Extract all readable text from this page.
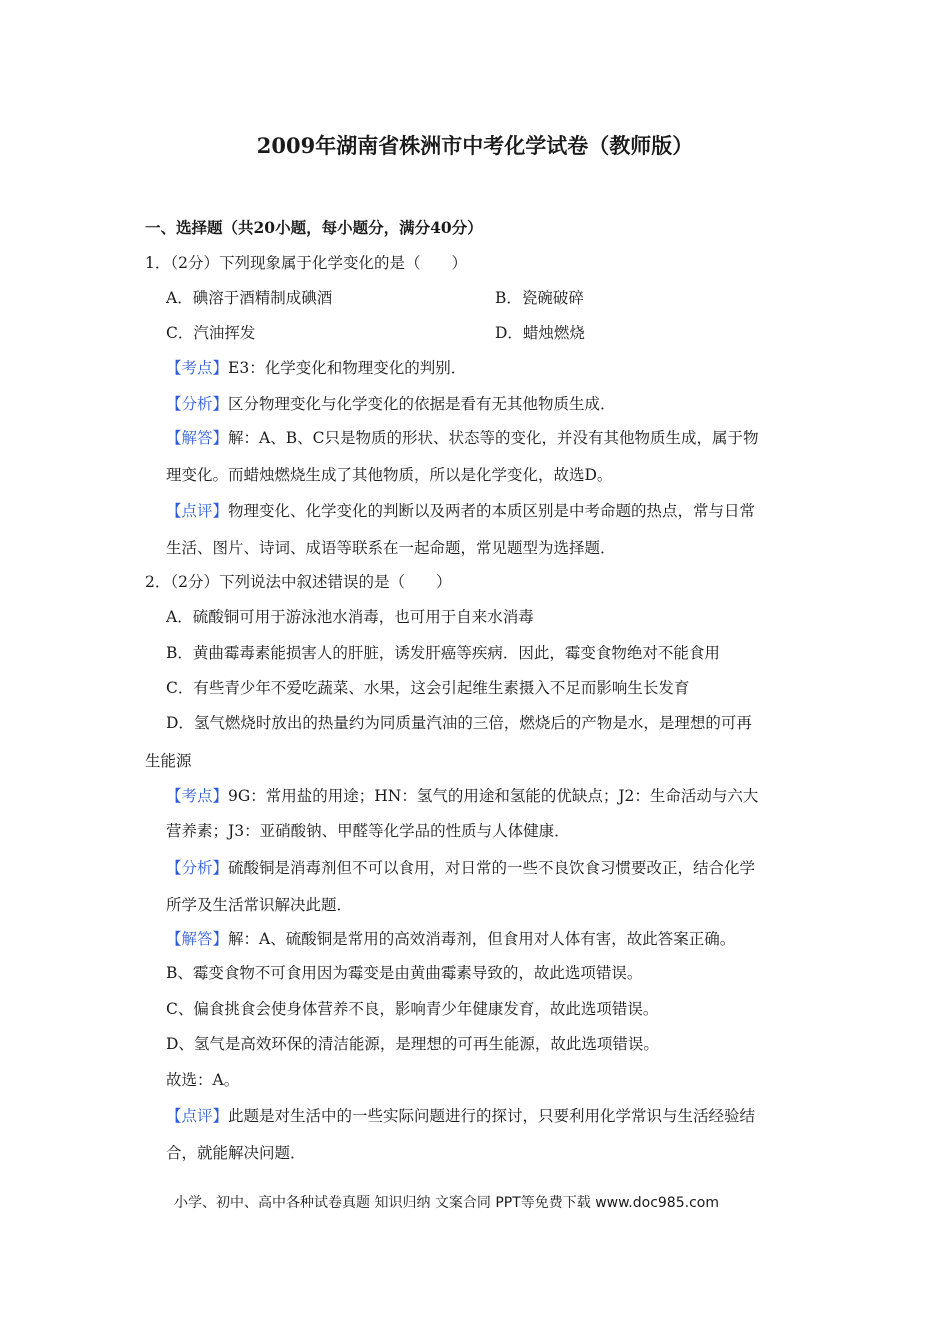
2009年湖南省株洲市中考化学试卷（教师版）
一、选择题（共20小题，每小题分，满分40分）
1．（2分）下列现象属于化学变化的是（　　）
A．碘溶于酒精制成碘酒	B．瓷碗破碎
C．汽油挥发	D．蜡烛燃烧
【考点】E3：化学变化和物理变化的判别．
【分析】区分物理变化与化学变化的依据是看有无其他物质生成．
【解答】解：A、B、C只是物质的形状、状态等的变化，并没有其他物质生成，属于物
理变化。而蜡烛燃烧生成了其他物质，所以是化学变化，故选D。
【点评】物理变化、化学变化的判断以及两者的本质区别是中考命题的热点，常与日常
生活、图片、诗词、成语等联系在一起命题，常见题型为选择题．
2．（2分）下列说法中叙述错误的是（　　）
A．硫酸铜可用于游泳池水消毒，也可用于自来水消毒
B．黄曲霉毒素能损害人的肝脏，诱发肝癌等疾病．因此，霉变食物绝对不能食用
C．有些青少年不爱吃蔬菜、水果，这会引起维生素摄入不足而影响生长发育
D．氢气燃烧时放出的热量约为同质量汽油的三倍，燃烧后的产物是水，是理想的可再
生能源
【考点】9G：常用盐的用途；HN：氢气的用途和氢能的优缺点；J2：生命活动与六大
营养素；J3：亚硝酸钠、甲醛等化学品的性质与人体健康．
【分析】硫酸铜是消毒剂但不可以食用，对日常的一些不良饮食习惯要改正，结合化学
所学及生活常识解决此题．
【解答】解：A、硫酸铜是常用的高效消毒剂，但食用对人体有害，故此答案正确。
B、霉变食物不可食用因为霉变是由黄曲霉素导致的，故此选项错误。
C、偏食挑食会使身体营养不良，影响青少年健康发育，故此选项错误。
D、氢气是高效环保的清洁能源，是理想的可再生能源，故此选项错误。
故选：A。
【点评】此题是对生活中的一些实际问题进行的探讨，只要利用化学常识与生活经验结
合，就能解决问题．
小学、初中、高中各种试卷真题 知识归纳 文案合同 PPT等免费下载 www.doc985.com
